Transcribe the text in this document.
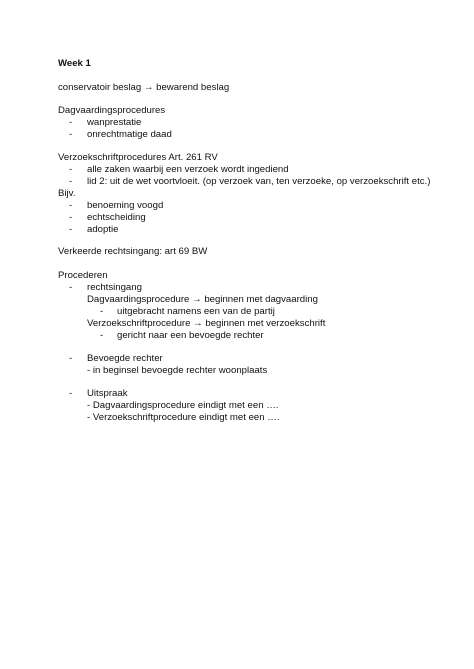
Week 1
conservatoir beslag → bewarend beslag
Dagvaardingsprocedures
- wanprestatie
- onrechtmatige daad
Verzoekschriftprocedures Art. 261 RV
- alle zaken waarbij een verzoek wordt ingediend
- lid 2: uit de wet voortvloeit. (op verzoek van, ten verzoeke, op verzoekschrift etc.)
Bijv.
- benoeming voogd
- echtscheiding
- adoptie
Verkeerde rechtsingang: art 69 BW
Procederen
- rechtsingang
Dagvaardingsprocedure → beginnen met dagvaarding
- uitgebracht namens een van de partij
Verzoekschriftprocedure → beginnen met verzoekschrift
- gericht naar een bevoegde rechter
- Bevoegde rechter
- in beginsel bevoegde rechter woonplaats
- Uitspraak
- Dagvaardingsprocedure eindigt met een ….
- Verzoekschriftprocedure eindigt met een ….
